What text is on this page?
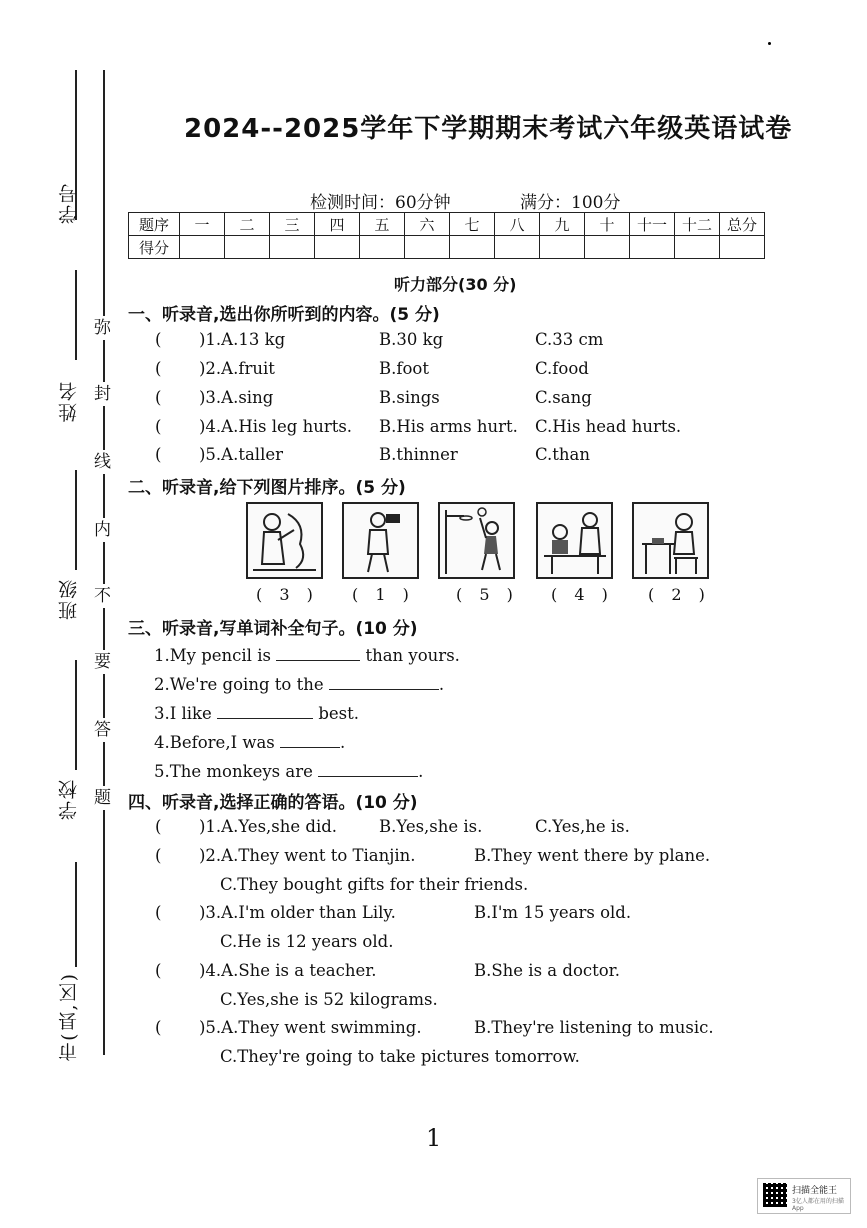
学号
姓名
班级
学校
市(县,区)
弥
封
线
内
不
要
答
题
2024--2025学年下学期期末考试六年级英语试卷
检测时间：60分钟	满分：100分
题序	一	二	三	四	五	六	七	八	九	十	十一	十二	总分
得分													
听力部分(30 分)
一、听录音,选出你所听到的内容。(5 分)
( )1.A.13 kg	B.30 kg	C.33 cm
( )2.A.fruit	B.foot	C.food
( )3.A.sing	B.sings	C.sang
( )4.A.His leg hurts. B.His arms hurt. C.His head hurts.
( )5.A.taller	B.thinner	C.than
二、听录音,给下列图片排序。(5 分)
( 3 ) ( 1 )	( 5 ) ( 4 ) ( 2 )
三、听录音,写单词补全句子。(10 分)
1.My pencil is	than yours.
2.We're going to the	.
3.I like	best.
4.Before,I was	.
5.The monkeys are	.
四、听录音,选择正确的答语。(10 分)
( )1.A.Yes,she did.	B.Yes,she is.	C.Yes,he is.
( )2.A.They went to Tianjin.	B.They went there by plane.
C.They bought gifts for their friends.
( )3.A.I'm older than Lily.	B.I'm 15 years old.
C.He is 12 years old.
( )4.A.She is a teacher.	B.She is a doctor.
C.Yes,she is 52 kilograms.
( )5.A.They went swimming.	B.They're listening to music.
C.They're going to take pictures tomorrow.
1
扫描全能王
3亿人都在用的扫描App
